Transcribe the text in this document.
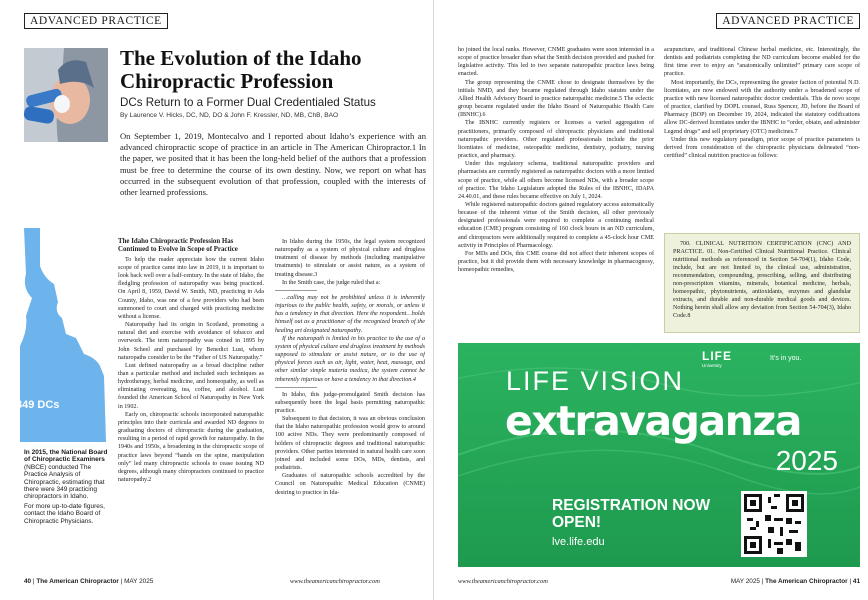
ADVANCED PRACTICE
The Evolution of the Idaho Chiropractic Profession
DCs Return to a Former Dual Credentialed Status
By Laurence V. Hicks, DC, ND, DO & John F. Kressler, ND, MB, ChB, BAO
On September 1, 2019, Montecalvo and I reported about Idaho’s experience with an advanced chiropractic scope of practice in an article in The American Chiropractor.1 In the paper, we posited that it has been the long-held belief of the authors that a profession must be free to determine the course of its own destiny. Now, we report on what has occurred in the subsequent evolution of that profession, coupled with the interests of other learned professions.
349 DCs

In 2015, the National Board of Chiropractic Examiners (NBCE) conducted The Practice Analysis of Chiropractic, estimating that there were 349 practicing chiropractors in Idaho.

For more up-to-date figures, contact the Idaho Board of Chiropractic Physicians.

The Idaho Chiropractic Profession Has Continued to Evolve in Scope of Practice

To help the reader appreciate how the current Idaho scope of practice came into law in 2019, it is important to look back well over a half-century. In the state of Idaho, the fledgling profession of naturopathy was being practiced. On April 8, 1959, David W. Smith, ND, practicing in Ada County, Idaho, was one of a few providers who had been summoned to court and charged with practicing medicine without a license.

Naturopathy had its origin in Scotland, promoting a natural diet and exercise with avoidance of tobacco and overwork. The term naturopathy was coined in 1895 by John Scheel and purchased by Benedict Lust, whom naturopaths consider to be the “Father of US Naturopathy.”

Lust defined naturopathy as a broad discipline rather than a particular method and included such techniques as hydrotherapy, herbal medicine, and homeopathy, as well as eliminating overeating, tea, coffee, and alcohol. Lust founded the American School of Naturopathy in New York in 1902.

Early on, chiropractic schools incorporated naturopathic principles into their curricula and awarded ND degrees to graduating doctors of chiropractic during the graduation, resulting in a period of rapid growth for naturopathy. In the 1940s and 1950s, a broadening in the chiropractic scope of practice laws beyond “hands on the spine, manipulation only” led many chiropractic schools to cease issuing ND degrees, although many chiropractors continued to practice naturopathy.2

In Idaho during the 1950s, the legal system recognized naturopathy as a system of physical culture and drugless treatment of disease by methods (including manipulative treatments) to stimulate or assist nature, as a system of treating disease.3

In the Smith case, the judge ruled that a:

…calling may not be prohibited unless it is inherently injurious to the public health, safety, or morals, or unless it has a tendency in that direction. Here the respondent…holds himself out as a practitioner of the recognized branch of the healing art designated naturopathy.

If the naturopath is limited in his practice to the use of a system of physical culture and drugless treatment by methods supposed to stimulate or assist nature, or to the use of physical forces such as air, light, water, heat, massage, and other similar simple materia medica, the system cannot be inherently injurious or have a tendency in that direction.4

In Idaho, this judge-promulgated Smith decision has subsequently been the legal basis permitting naturopathic practice.

Subsequent to that decision, it was an obvious conclusion that the Idaho naturopathic profession would grow to around 100 active NDs. They were predominantly composed of holders of chiropractic degrees and traditional naturopathic providers. Other parties interested in natural health care soon joined and included some DOs, MDs, dentists, and podiatrists.

Graduates of naturopathic schools accredited by the Council on Naturopathic Medical Education (CNME) desiring to practice in Ida-

40 | The American Chiropractor | MAY 2025	www.theamericanchiropractor.com
ADVANCED PRACTICE

ho joined the local ranks. However, CNME graduates were soon interested in a scope of practice broader than what the Smith decision provided and pushed for legislative activity. This led to two separate naturopathic practice laws being enacted.

The group representing the CNME chose to designate themselves by the initials NMD, and they became regulated through Idaho statutes under the Allied Health Advisory Board to practice naturopathic medicine.5 The eclectic group became regulated under the Idaho Board of Naturopathic Health Care (IBNHC).6

The IBNHC currently registers or licenses a varied aggregation of practitioners, primarily composed of chiropractic physicians and traditional naturopathic providers. Other regulated professionals include the prior licentiates of medicine, osteopathic medicine, dentistry, podiatry, nursing practice, and pharmacy.

Under this regulatory schema, traditional naturopathic providers and pharmacists are currently registered as naturopathic doctors with a more limited scope of practice, while all others become licensed NDs, with a broader scope of practice. The Idaho Legislature adopted the Rules of the IBNHC, IDAPA 24.40.01, and these rules became effective on July 1, 2024.

While registered naturopathic doctors gained regulatory access automatically because of the inherent virtue of the Smith decision, all other previously designated professionals were required to complete a continuing medical education (CME) program consisting of 160 clock hours in an ND curriculum, and chiropractors were additionally required to complete a 45-clock hour CME activity in Principles of Pharmacology.

For MDs and DOs, this CME course did not affect their inherent scopes of practice, but it did provide them with necessary knowledge in pharmacognosy, homeopathic remedies,

acupuncture, and traditional Chinese herbal medicine, etc. Interestingly, the dentists and podiatrists completing the ND curriculum become enabled for the first time ever to enjoy an “anatomically unlimited” primary care scope of practice.

Most importantly, the DCs, representing the greater faction of potential N.D. licentiates, are now endowed with the authority under a broadened scope of practice with new licensed naturopathic doctor credentials. This de novo scope of practice, clarified by DOPL counsel, Russ Spencer, JD, before the Board of Pharmacy (BOP) on December 19, 2024, indicated the statutory codifications allow DC-derived licentiates under the IBNHC to “order, obtain, and administer Legend drugs” and sell proprietary (OTC) medicines.7

Under this new regulatory paradigm, prior scope of practice parameters is derived from consideration of the chiropractic physicians delineated “non-certified” clinical nutrition practice as follows:

700. CLINICAL NUTRITION CERTIFICATION (CNC) AND PRACTICE. 01. Non-Certified Clinical Nutritional Practice. Clinical nutritional methods as referenced in Section 54-704(1), Idaho Code, include, but are not limited to, the clinical use, administration, recommendation, compounding, prescribing, selling, and distributing non-prescription vitamins, minerals, botanical medicine, herbals, homeopathic, phytonutrients, antioxidants, enzymes and glandular extracts, and durable and non-durable medical goods and devices. Nothing herein shall allow any deviation from Section 54-704(3), Idaho Code.8

LIFE VISION
LIFE
University
It’s in you.
extravaganza
2025
REGISTRATION NOW OPEN!
lve.life.edu
www.theamericanchiropractor.com	MAY 2025 | The American Chiropractor | 41
